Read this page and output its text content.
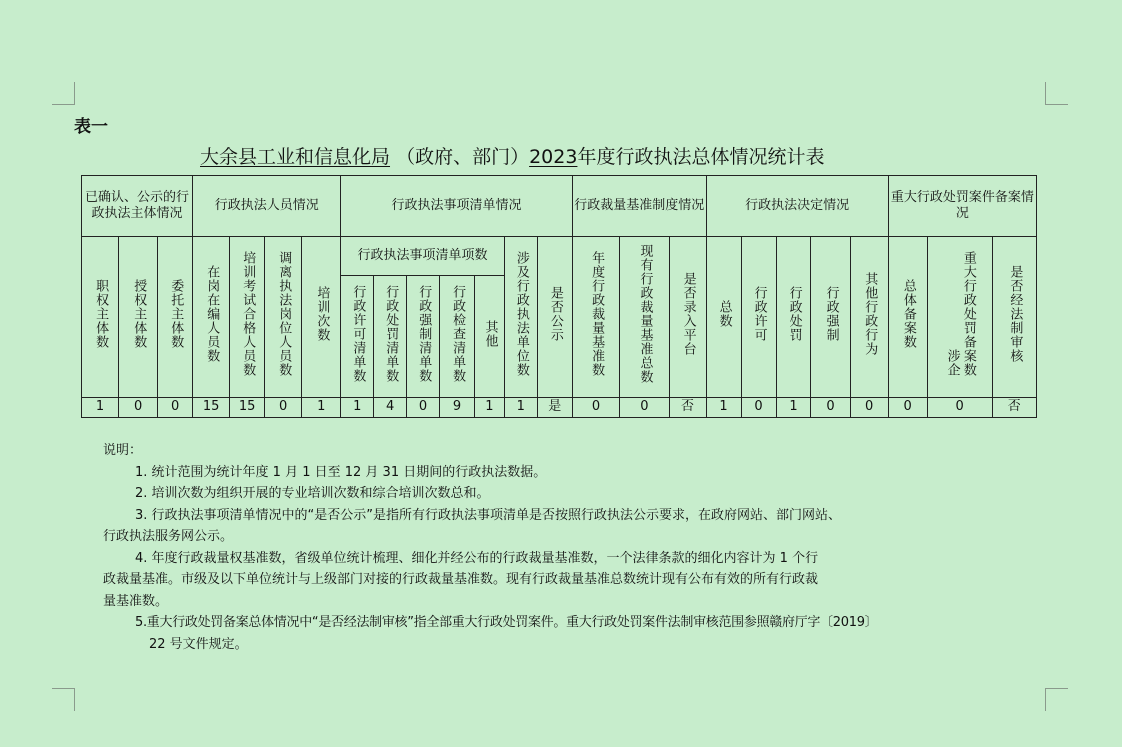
表一
大余县工业和信息化局 （政府、部门）2023年度行政执法总体情况统计表
已确认、公示的行政执法主体情况			行政执法人员情况				行政执法事项清单情况							行政裁量基准制度情况			行政执法决定情况					重大行政处罚案件备案情况		
职权主体数	授权主体数	委托主体数	在岗在编人员数	培训考试合格人员数	调离执法岗位人员数	培训次数	行政执法事项清单项数					涉及行政执法单位数	是否公示	年度行政裁量基准数	现有行政裁量基准总数	是否录入平台	总数	行政许可	行政处罚	行政强制	其他行政行为	总体备案数	涉企重大行政处罚备案数	是否经法制审核
							行政许可清单数	行政处罚清单数	行政强制清单数	行政检查清单数	其他													
1	0	0	15	15	0	1	1	4	0	9	1	1	是	0	0	否	1	0	1	0	0	0	0	否
说明：
1. 统计范围为统计年度 1 月 1 日至 12 月 31 日期间的行政执法数据。
2. 培训次数为组织开展的专业培训次数和综合培训次数总和。
3. 行政执法事项清单情况中的“是否公示”是指所有行政执法事项清单是否按照行政执法公示要求，在政府网站、部门网站、
行政执法服务网公示。
4. 年度行政裁量权基准数，省级单位统计梳理、细化并经公布的行政裁量基准数，一个法律条款的细化内容计为 1 个行
政裁量基准。市级及以下单位统计与上级部门对接的行政裁量基准数。现有行政裁量基准总数统计现有公布有效的所有行政裁
量基准数。
5.重大行政处罚备案总体情况中“是否经法制审核”指全部重大行政处罚案件。重大行政处罚案件法制审核范围参照赣府厅字〔2019〕
22 号文件规定。
